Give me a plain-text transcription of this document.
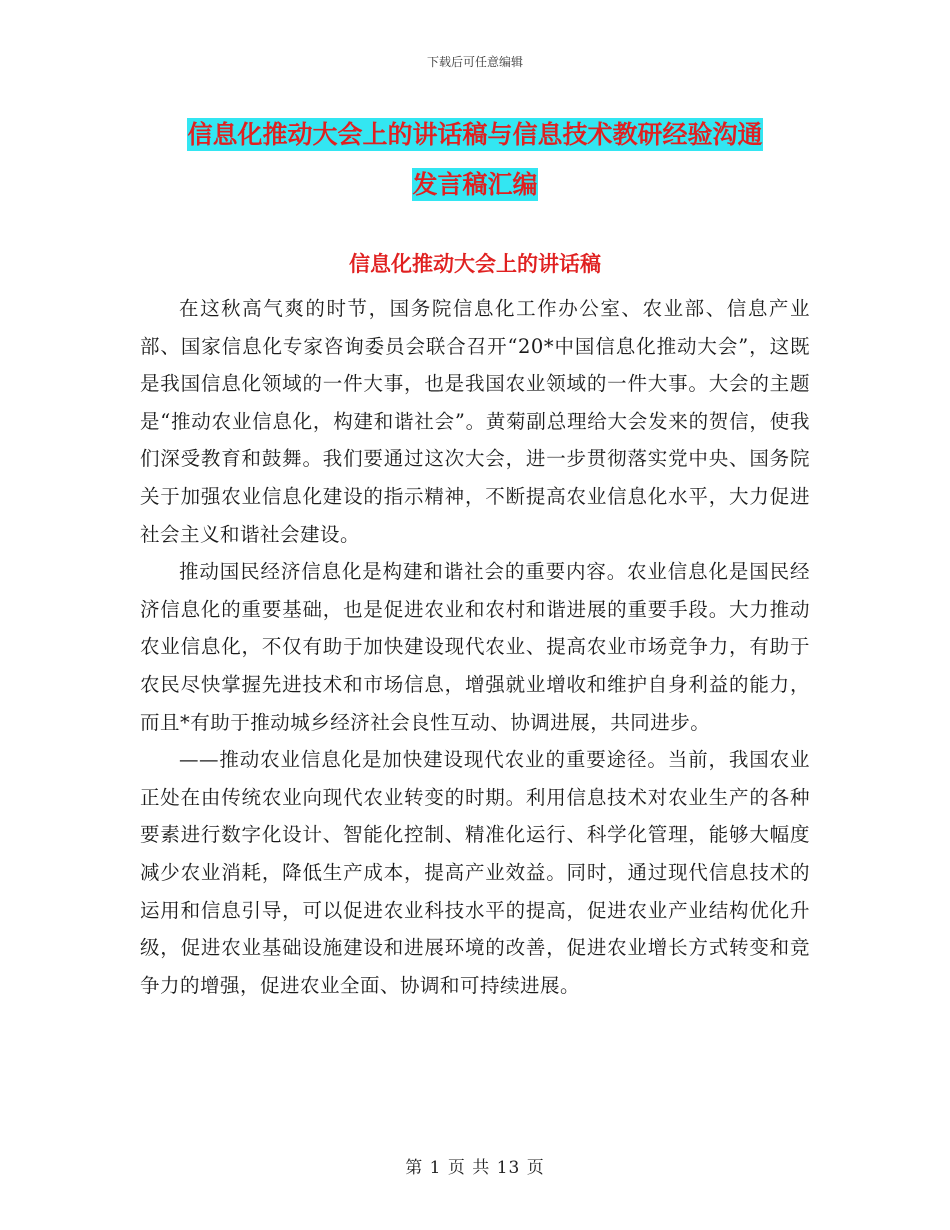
下载后可任意编辑
信息化推动大会上的讲话稿与信息技术教研经验沟通
发言稿汇编
信息化推动大会上的讲话稿

在这秋高气爽的时节，国务院信息化工作办公室、农业部、信息产业部、国家信息化专家咨询委员会联合召开“20*中国信息化推动大会”，这既是我国信息化领域的一件大事，也是我国农业领域的一件大事。大会的主题是“推动农业信息化，构建和谐社会”。黄菊副总理给大会发来的贺信，使我们深受教育和鼓舞。我们要通过这次大会，进一步贯彻落实党中央、国务院关于加强农业信息化建设的指示精神，不断提高农业信息化水平，大力促进社会主义和谐社会建设。

推动国民经济信息化是构建和谐社会的重要内容。农业信息化是国民经济信息化的重要基础，也是促进农业和农村和谐进展的重要手段。大力推动农业信息化，不仅有助于加快建设现代农业、提高农业市场竞争力，有助于农民尽快掌握先进技术和市场信息，增强就业增收和维护自身利益的能力，而且*有助于推动城乡经济社会良性互动、协调进展，共同进步。

——推动农业信息化是加快建设现代农业的重要途径。当前，我国农业正处在由传统农业向现代农业转变的时期。利用信息技术对农业生产的各种要素进行数字化设计、智能化控制、精准化运行、科学化管理，能够大幅度减少农业消耗，降低生产成本，提高产业效益。同时，通过现代信息技术的运用和信息引导，可以促进农业科技水平的提高，促进农业产业结构优化升级，促进农业基础设施建设和进展环境的改善，促进农业增长方式转变和竞争力的增强，促进农业全面、协调和可持续进展。

第 1 页 共 13 页
